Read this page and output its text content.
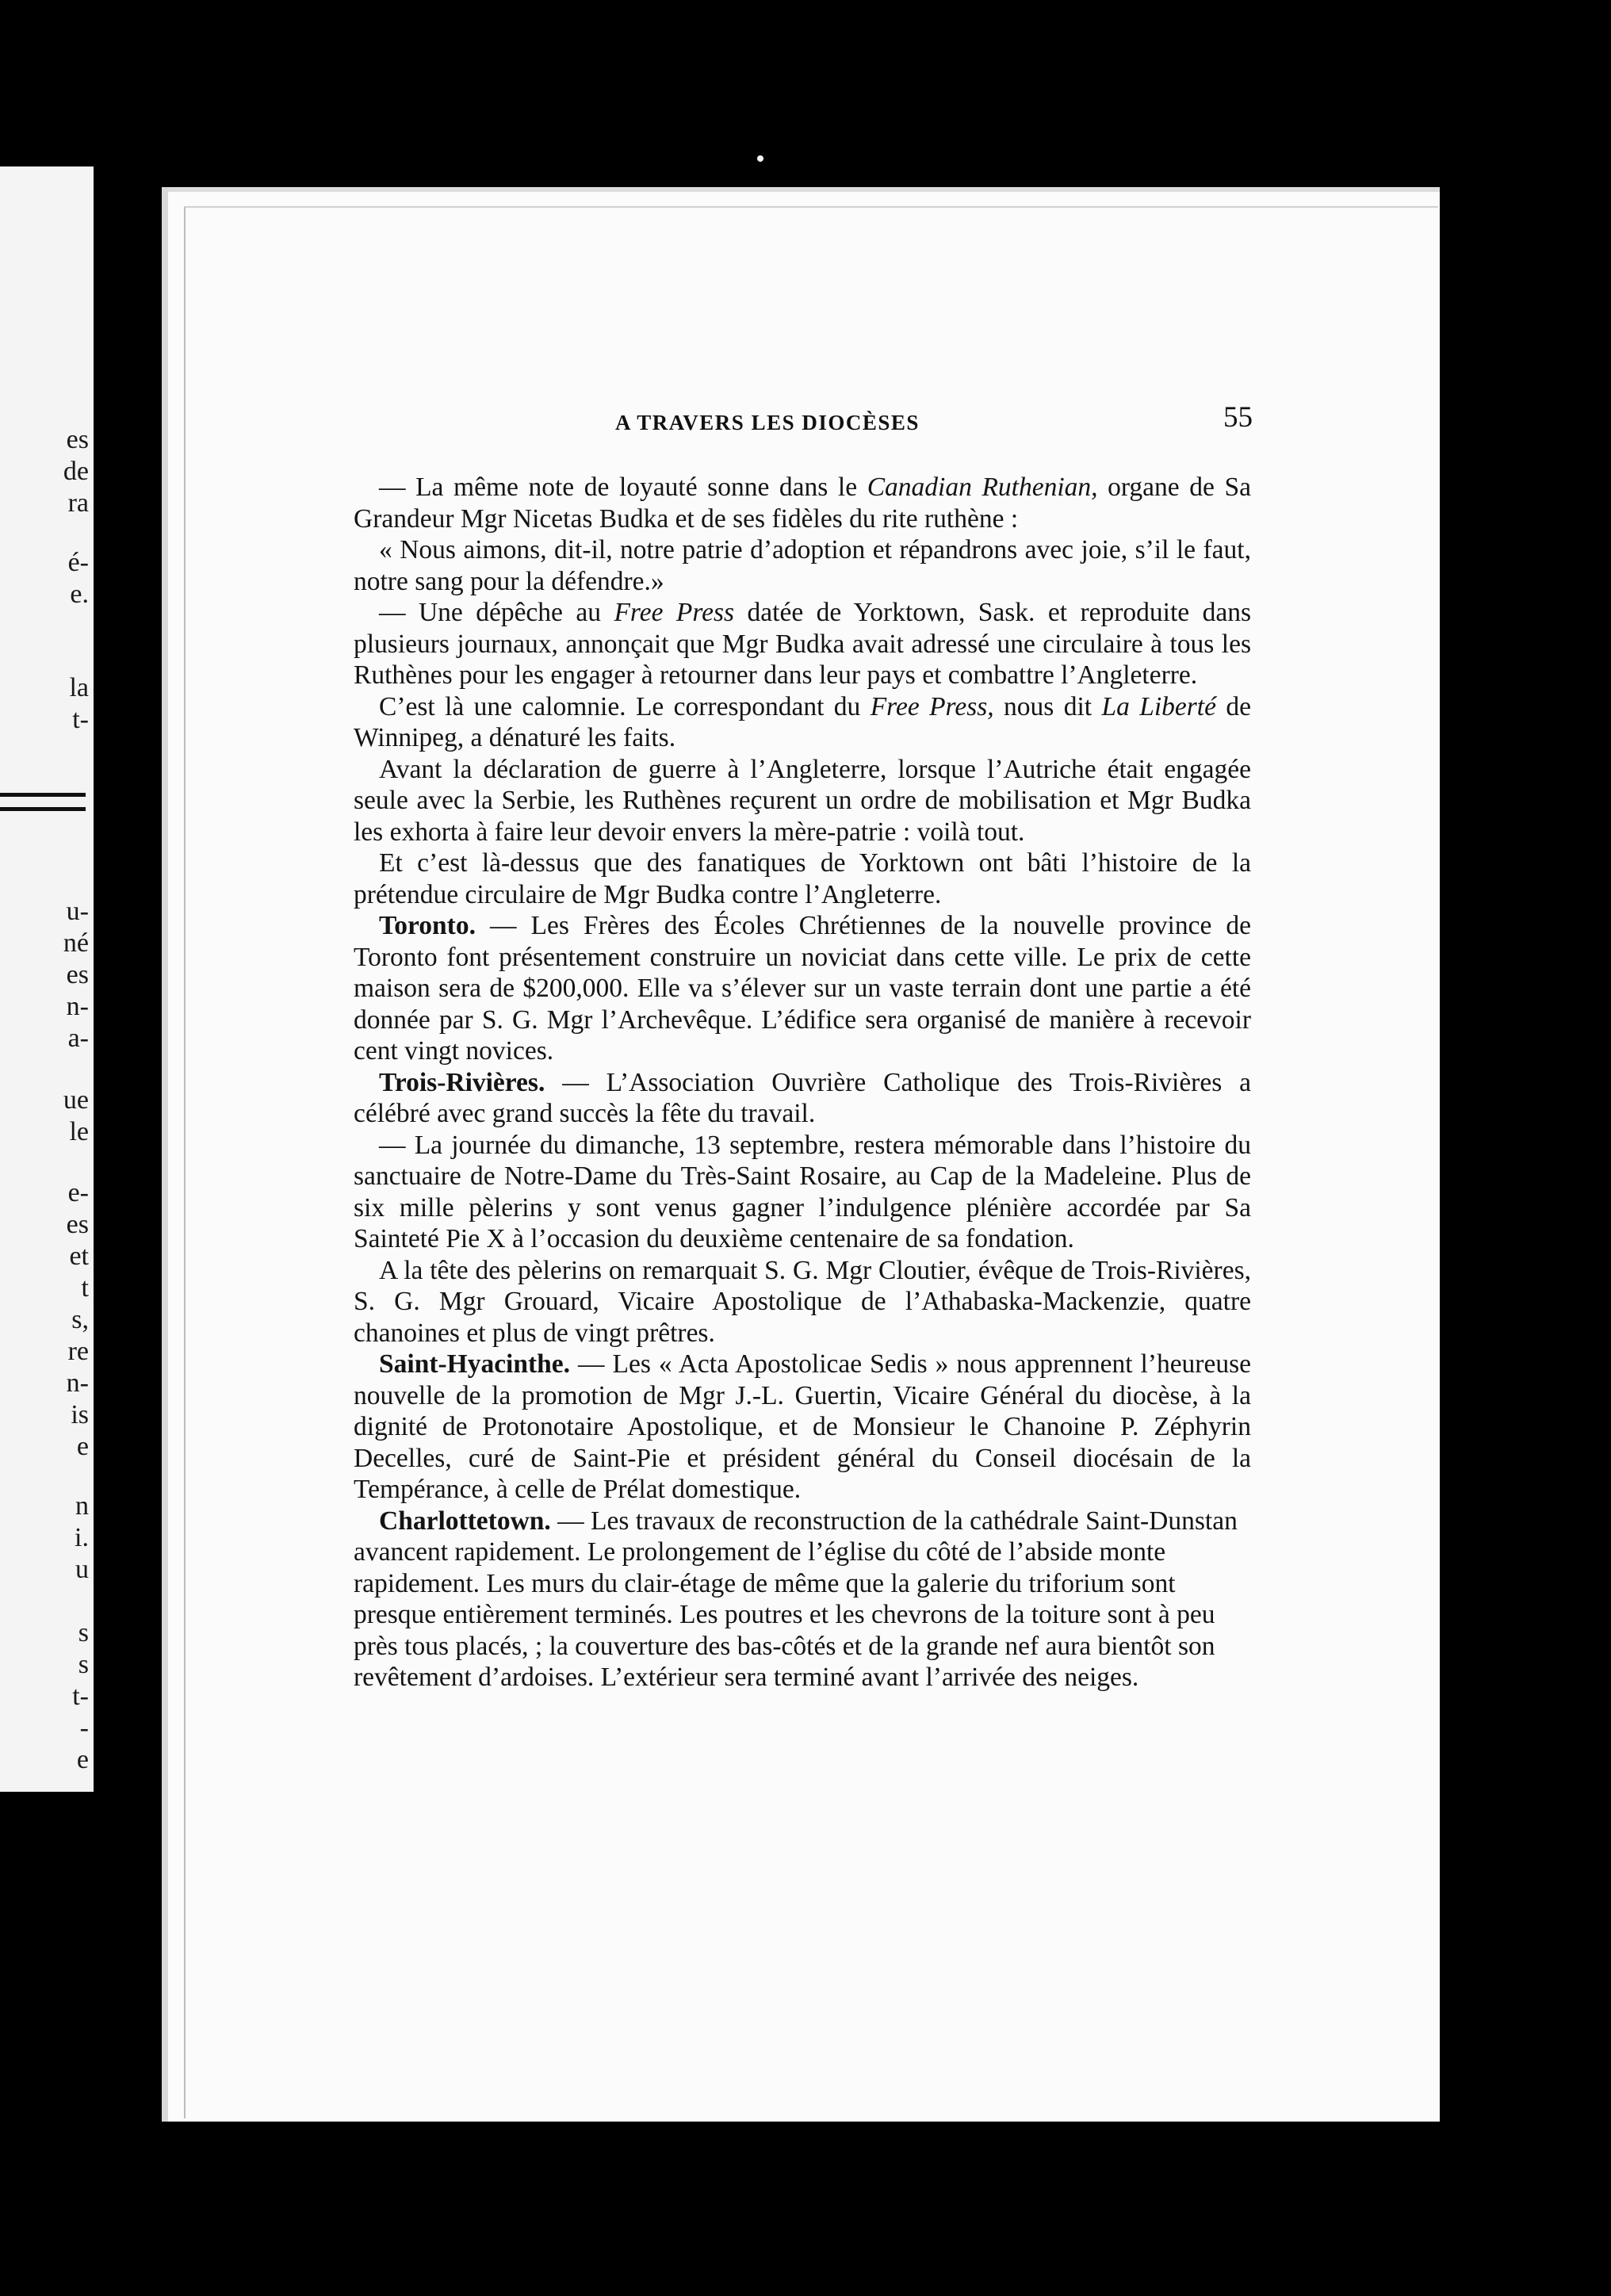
es
de
ra
é-
e.
la
t-
u-
né
es
n-
a-
ue
le
e-
es
et
t
s,
re
n-
is
e
n
i.
u
s
s
t-
-
e
A TRAVERS LES DIOCÈSES	55

— La même note de loyauté sonne dans le Canadian Ruthenian, organe de Sa Grandeur Mgr Nicetas Budka et de ses fidèles du rite ruthène :

« Nous aimons, dit-il, notre patrie d’adoption et répandrons avec joie, s’il le faut, notre sang pour la défendre.»

— Une dépêche au Free Press datée de Yorktown, Sask. et reproduite dans plusieurs journaux, annonçait que Mgr Budka avait adressé une circulaire à tous les Ruthènes pour les engager à retourner dans leur pays et combattre l’Angleterre.

C’est là une calomnie. Le correspondant du Free Press, nous dit La Liberté de Winnipeg, a dénaturé les faits.

Avant la déclaration de guerre à l’Angleterre, lorsque l’Autriche était engagée seule avec la Serbie, les Ruthènes reçurent un ordre de mobilisation et Mgr Budka les exhorta à faire leur devoir envers la mère-patrie : voilà tout.

Et c’est là-dessus que des fanatiques de Yorktown ont bâti l’histoire de la prétendue circulaire de Mgr Budka contre l’Angleterre.

Toronto. — Les Frères des Écoles Chrétiennes de la nouvelle province de Toronto font présentement construire un noviciat dans cette ville. Le prix de cette maison sera de $200,000. Elle va s’élever sur un vaste terrain dont une partie a été donnée par S. G. Mgr l’Archevêque. L’édifice sera organisé de manière à recevoir cent vingt novices.

Trois-Rivières. — L’Association Ouvrière Catholique des Trois-Rivières a célébré avec grand succès la fête du travail.

— La journée du dimanche, 13 septembre, restera mémorable dans l’histoire du sanctuaire de Notre-Dame du Très-Saint Rosaire, au Cap de la Madeleine. Plus de six mille pèlerins y sont venus gagner l’indulgence plénière accordée par Sa Sainteté Pie X à l’occasion du deuxième centenaire de sa fondation.

A la tête des pèlerins on remarquait S. G. Mgr Cloutier, évêque de Trois-Rivières, S. G. Mgr Grouard, Vicaire Apostolique de l’Athabaska-Mackenzie, quatre chanoines et plus de vingt prêtres.

Saint-Hyacinthe. — Les « Acta Apostolicae Sedis » nous apprennent l’heureuse nouvelle de la promotion de Mgr J.-L. Guertin, Vicaire Général du diocèse, à la dignité de Protonotaire Apostolique, et de Monsieur le Chanoine P. Zéphyrin Decelles, curé de Saint-Pie et président général du Conseil diocésain de la Tempérance, à celle de Prélat domestique.

Charlottetown. — Les travaux de reconstruction de la cathédrale Saint-Dunstan avancent rapidement. Le prolongement de l’église du côté de l’abside monte rapidement. Les murs du clair-étage de même que la galerie du triforium sont presque entièrement terminés. Les poutres et les chevrons de la toiture sont à peu près tous placés, ; la couverture des bas-côtés et de la grande nef aura bientôt son revêtement d’ardoises. L’extérieur sera terminé avant l’arrivée des neiges.
